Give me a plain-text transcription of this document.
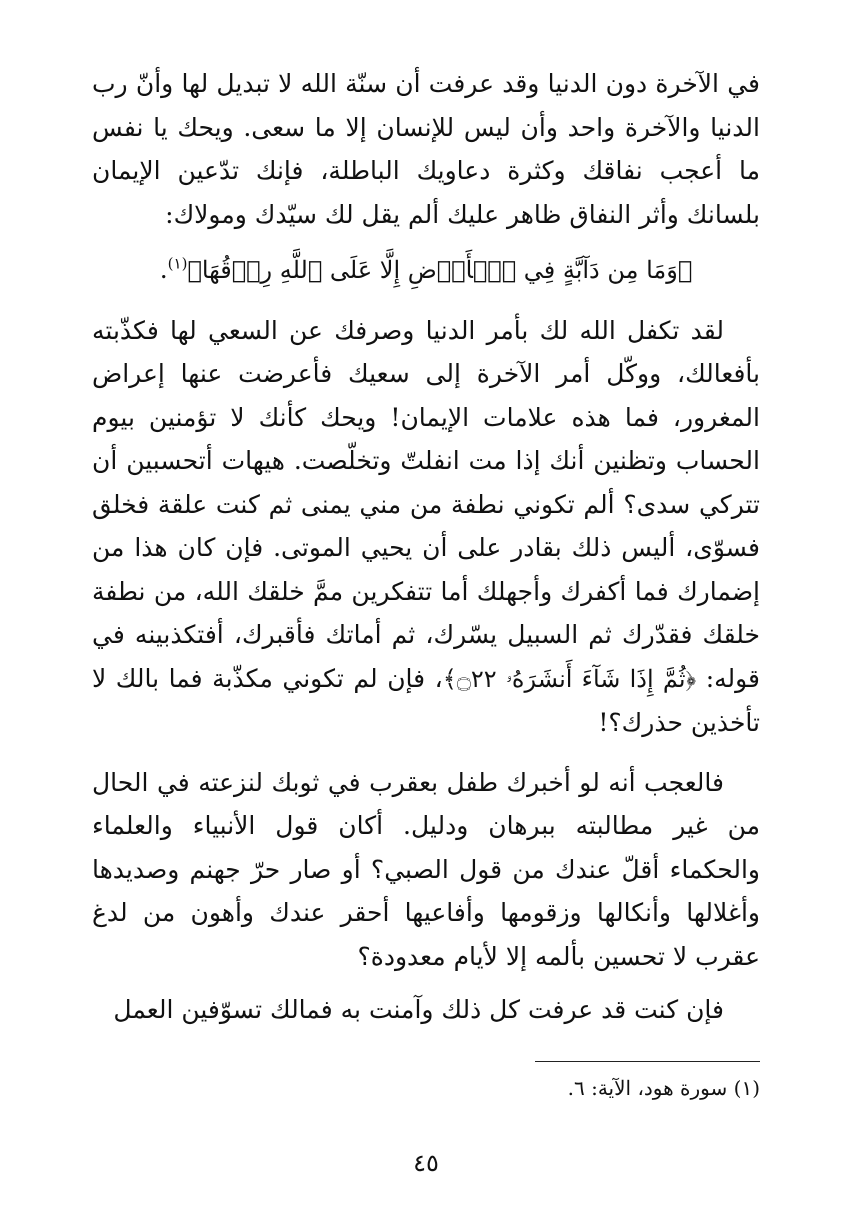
في الآخرة دون الدنيا وقد عرفت أن سنّة الله لا تبديل لها وأنّ رب الدنيا والآخرة واحد وأن ليس للإنسان إلا ما سعى. ويحك يا نفس ما أعجب نفاقك وكثرة دعاويك الباطلة، فإنك تدّعين الإيمان بلسانك وأثر النفاق ظاهر عليك ألم يقل لك سيّدك ومولاك:

﴿وَمَا مِن دَآبَّةٍ فِي ٱلۡأَرۡضِ إِلَّا عَلَى ٱللَّهِ رِزۡقُهَا﴾$^{(١)}$.

لقد تكفل الله لك بأمر الدنيا وصرفك عن السعي لها فكذّبته بأفعالك، ووكّل أمر الآخرة إلى سعيك فأعرضت عنها إعراض المغرور، فما هذه علامات الإيمان! ويحك كأنك لا تؤمنين بيوم الحساب وتظنين أنك إذا مت انفلتّ وتخلّصت. هيهات أتحسبين أن تتركي سدى؟ ألم تكوني نطفة من مني يمنى ثم كنت علقة فخلق فسوّى، أليس ذلك بقادر على أن يحيي الموتى. فإن كان هذا من إضمارك فما أكفرك وأجهلك أما تتفكرين ممَّ خلقك الله، من نطفة خلقك فقدّرك ثم السبيل يسّرك، ثم أماتك فأقبرك، أفتكذبينه في قوله: ﴿ثُمَّ إِذَا شَآءَ أَنشَرَهُۥ ۝٢٢﴾، فإن لم تكوني مكذّبة فما بالك لا تأخذين حذرك؟!

فالعجب أنه لو أخبرك طفل بعقرب في ثوبك لنزعته في الحال من غير مطالبته ببرهان ودليل. أكان قول الأنبياء والعلماء والحكماء أقلّ عندك من قول الصبي؟ أو صار حرّ جهنم وصديدها وأغلالها وأنكالها وزقومها وأفاعيها أحقر عندك وأهون من لدغ عقرب لا تحسين بألمه إلا لأيام معدودة؟

فإن كنت قد عرفت كل ذلك وآمنت به فمالك تسوّفين العمل

(١) سورة هود، الآية: ٦.
٤٥
